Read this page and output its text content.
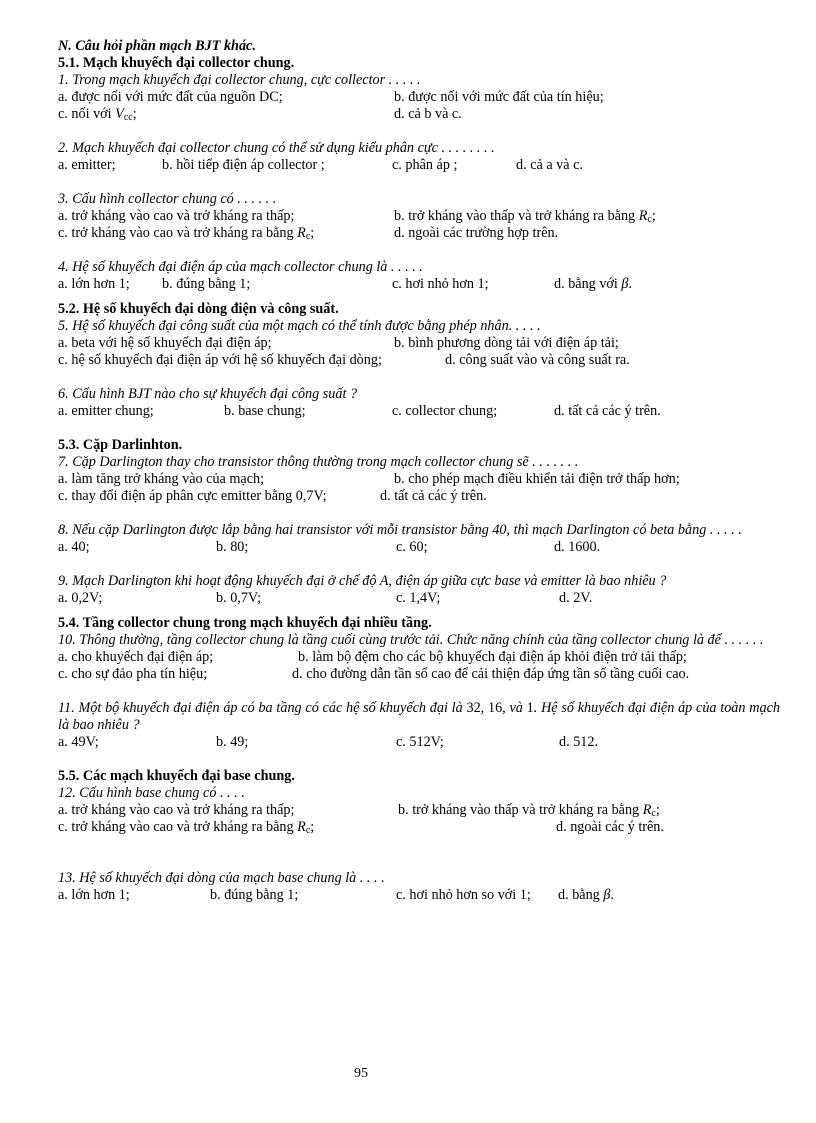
N. Câu hỏi phần mạch BJT khác.
5.1. Mạch khuyếch đại collector chung.
1. Trong mạch khuyếch đại collector chung, cực collector . . . . .
a. được nối với mức đất của nguồn DC;	b. được nối với mức đất của tín hiệu;
c. nối với $V_{cc}$;	d. cả b và c.
2. Mạch khuyếch đại collector chung có thể sử dụng kiểu phân cực . . . . . . . .
a. emitter;	b. hồi tiếp điện áp collector ;	c. phân áp ;	d. cả a và c.
3. Cấu hình collector chung có . . . . . .
a. trở kháng vào cao và trở kháng ra thấp;	b. trở kháng vào thấp và trở kháng ra bằng $R_c$;
c. trở kháng vào cao và trở kháng ra bằng $R_c$;	d. ngoài các trường hợp trên.
4. Hệ số khuyếch đại điện áp của mạch collector chung là . . . . .
a. lớn hơn 1; b. đúng bằng 1;	c. hơi nhỏ hơn 1;	d. bằng với β.
5.2. Hệ số khuyếch đại dòng điện và công suất.
5. Hệ số khuyếch đại công suất của một mạch có thể tính được bằng phép nhân. . . . .
a. beta với hệ số khuyếch đại điện áp;	b. bình phương dòng tải với điện áp tải;
c. hệ số khuyếch đại điện áp với hệ số khuyếch đại dòng;	d. công suất vào và công suất ra.
6. Cấu hình BJT nào cho sự khuyếch đại công suất ?
a. emitter chung;	b. base chung;	c. collector chung;	d. tất cả các ý trên.
5.3. Cặp Darlinhton.
7. Cặp Darlington thay cho transistor thông thường trong mạch collector chung sẽ . . . . . . .
a. làm tăng trở kháng vào của mạch;	b. cho phép mạch điều khiển tải điện trở thấp hơn;
c. thay đổi điện áp phân cực emitter bằng 0,7V;	d. tất cả các ý trên.
8. Nếu cặp Darlington được lắp bằng hai transistor với mỗi transistor bằng 40, thì mạch Darlington có beta bằng . . . . .
a. 40;	b. 80;	c. 60;	d. 1600.
9. Mạch Darlington khi hoạt động khuyếch đại ở chế độ A, điện áp giữa cực base và emitter là bao nhiêu ?
a. 0,2V;	b. 0,7V;	c. 1,4V;	d. 2V.
5.4. Tầng collector chung trong mạch khuyếch đại nhiều tầng.
10. Thông thường, tầng collector chung là tầng cuối cùng trước tải. Chức năng chính của tầng collector chung là để . . . . . .
a. cho khuyếch đại điện áp;	b. làm bộ đệm cho các bộ khuyếch đại điện áp khỏi điện trở tải thấp;
c. cho sự đảo pha tín hiệu;	d. cho đường dẫn tần số cao để cải thiện đáp ứng tần số tầng cuối cao.
11. Một bộ khuyếch đại điện áp có ba tầng có các hệ số khuyếch đại là 32, 16, và 1. Hệ số khuyếch đại điện áp của toàn mạch là bao nhiêu ?
a. 49V;	b. 49;	c. 512V;	d. 512.
5.5. Các mạch khuyếch đại base chung.
12. Cấu hình base chung có . . . .
a. trở kháng vào cao và trở kháng ra thấp;	b. trở kháng vào thấp và trở kháng ra bằng $R_c$;
c. trở kháng vào cao và trở kháng ra bằng $R_c$;	d. ngoài các ý trên.
13. Hệ số khuyếch đại dòng của mạch base chung là . . . .
a. lớn hơn 1;	b. đúng bằng 1;	c. hơi nhỏ hơn so với 1; d. bằng β.
95
